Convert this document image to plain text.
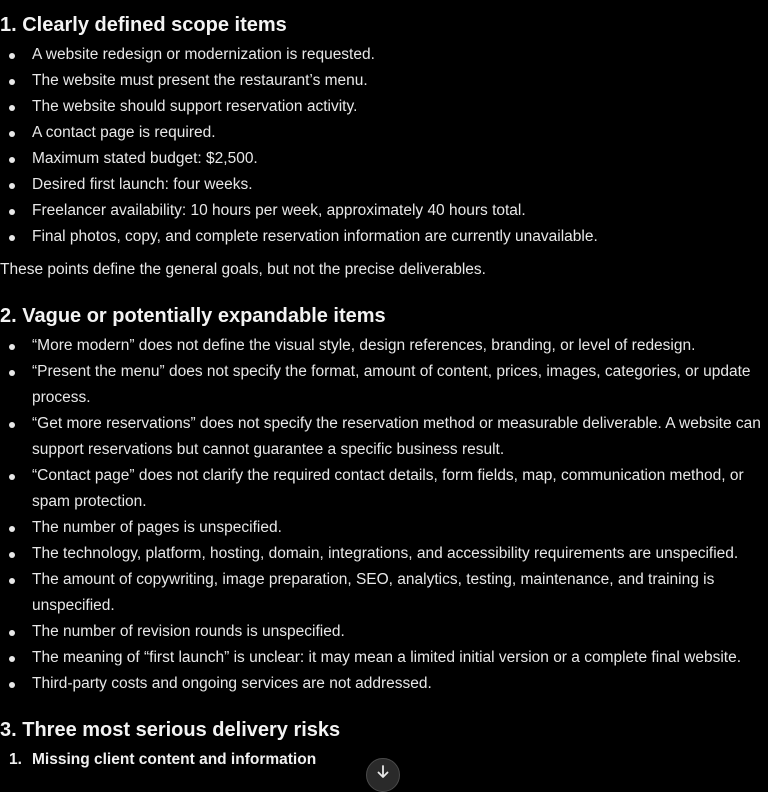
1. Clearly defined scope items
A website redesign or modernization is requested.
The website must present the restaurant’s menu.
The website should support reservation activity.
A contact page is required.
Maximum stated budget: $2,500.
Desired first launch: four weeks.
Freelancer availability: 10 hours per week, approximately 40 hours total.
Final photos, copy, and complete reservation information are currently unavailable.

These points define the general goals, but not the precise deliverables.

2. Vague or potentially expandable items
“More modern” does not define the visual style, design references, branding, or level of redesign.
“Present the menu” does not specify the format, amount of content, prices, images, categories, or update process.
“Get more reservations” does not specify the reservation method or measurable deliverable. A website can support reservations but cannot guarantee a specific business result.
“Contact page” does not clarify the required contact details, form fields, map, communication method, or spam protection.
The number of pages is unspecified.
The technology, platform, hosting, domain, integrations, and accessibility requirements are unspecified.
The amount of copywriting, image preparation, SEO, analytics, testing, maintenance, and training is unspecified.
The number of revision rounds is unspecified.
The meaning of “first launch” is unclear: it may mean a limited initial version or a complete final website.
Third-party costs and ongoing services are not addressed.
3. Three most serious delivery risks
1. Missing client content and information
